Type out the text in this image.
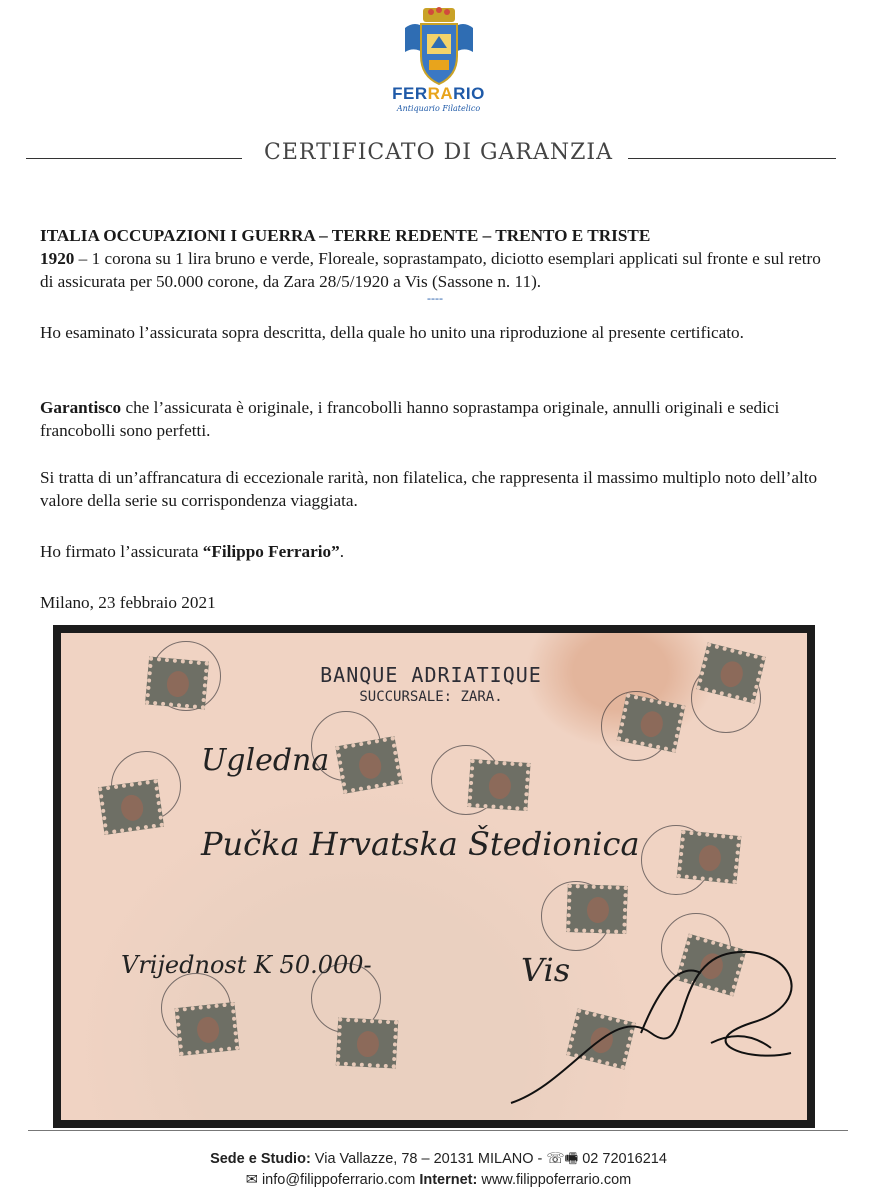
FERRARIO
Antiquario Filatelico
CERTIFICATO DI GARANZIA
ITALIA OCCUPAZIONI I GUERRA – TERRE REDENTE – TRENTO E TRISTE
1920 – 1 corona su 1 lira bruno e verde, Floreale, soprastampato, diciotto esemplari applicati sul fronte e sul retro di assicurata per 50.000 corone, da Zara 28/5/1920 a Vis (Sassone n. 11).
----
Ho esaminato l’assicurata sopra descritta, della quale ho unito una riproduzione al presente certificato.
Garantisco che l’assicurata è originale, i francobolli hanno soprastampa originale, annulli originali e sedici francobolli sono perfetti.
Si tratta di un’affrancatura di eccezionale rarità, non filatelica, che rappresenta il massimo multiplo noto dell’alto valore della serie su corrispondenza viaggiata.
Ho firmato l’assicurata “Filippo Ferrario”.
Milano, 23 febbraio 2021
BANQUE ADRIATIQUE
SUCCURSALE: ZARA.
Ugledna
Pučka Hrvatska Štedionica
Vrijednost K 50.000-	Vis
Sede e Studio: Via Vallazze, 78 – 20131 MILANO - ☏🖷 02 72016214
✉ info@filippoferrario.com Internet: www.filippoferrario.com
